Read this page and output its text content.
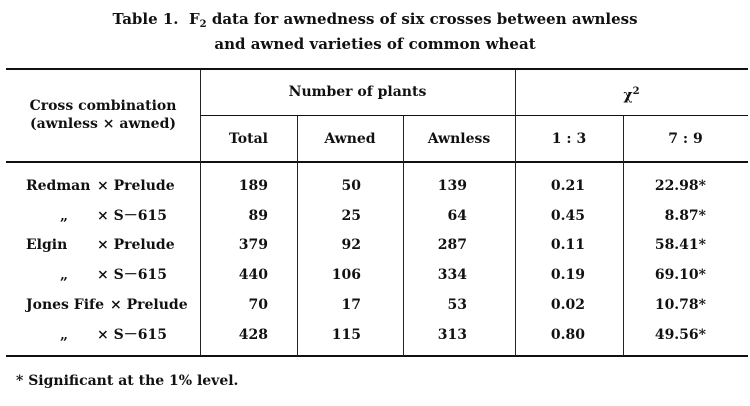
Table 1. $F_2$ data for awnedness of six crosses between awnless
and awned varieties of common wheat
Cross combination
(awnless × awned)
Number of plants	$\chi^2$
Total	Awned	Awnless	1 : 3	7 : 9
Redman × Prelude	189	50	139	0.21	22.98*
„ × S－615	89	25	64	0.45	8.87*
Elgin × Prelude	379	92	287	0.11	58.41*
„ × S－615	440	106	334	0.19	69.10*
Jones Fife × Prelude	70	17	53	0.02	10.78*
„ × S－615	428	115	313	0.80	49.56*
* Significant at the 1% level.
